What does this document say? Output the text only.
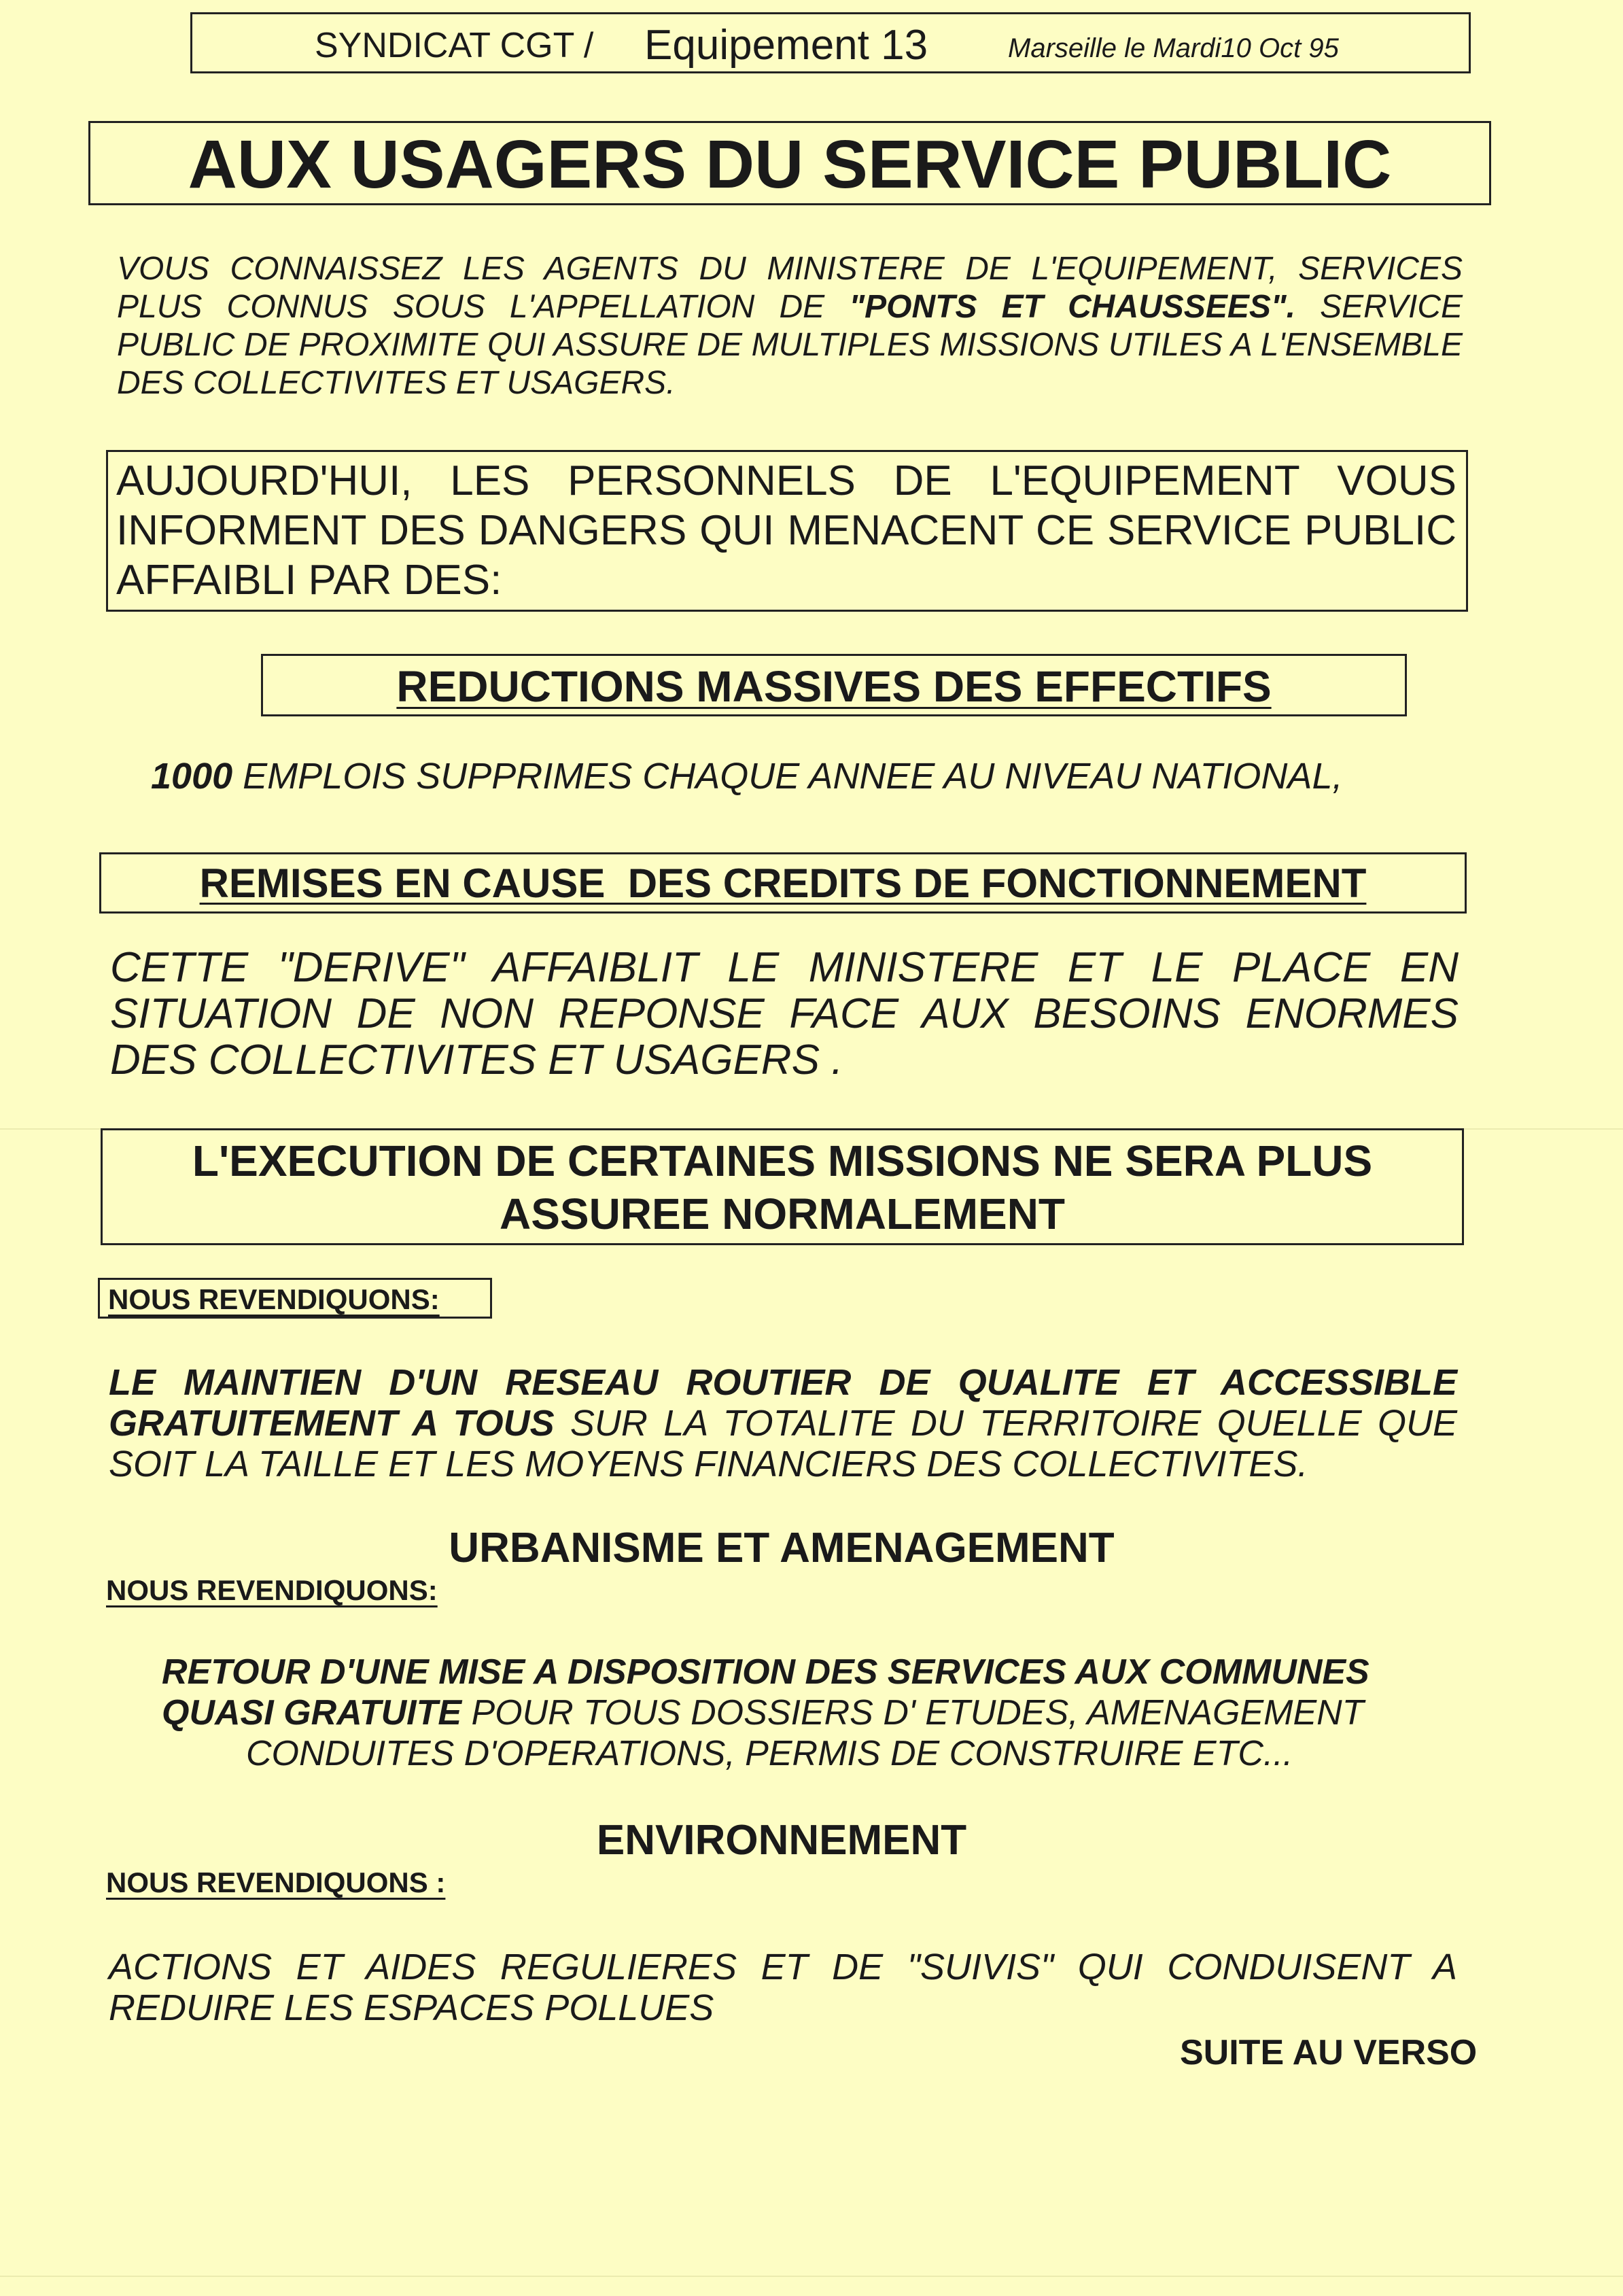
SYNDICAT CGT / Equipement 13	Marseille le Mardi10 Oct 95
AUX USAGERS DU SERVICE PUBLIC
VOUS CONNAISSEZ LES AGENTS DU MINISTERE DE L'EQUIPEMENT, SERVICES PLUS CONNUS SOUS L'APPELLATION DE "PONTS ET CHAUSSEES". SERVICE PUBLIC DE PROXIMITE QUI ASSURE DE MULTIPLES MISSIONS UTILES A L'ENSEMBLE DES COLLECTIVITES ET USAGERS.
AUJOURD'HUI, LES PERSONNELS DE L'EQUIPEMENT VOUS INFORMENT DES DANGERS QUI MENACENT CE SERVICE PUBLIC AFFAIBLI PAR DES:
REDUCTIONS MASSIVES DES EFFECTIFS
1000 EMPLOIS SUPPRIMES CHAQUE ANNEE AU NIVEAU NATIONAL,
REMISES EN CAUSE  DES CREDITS DE FONCTIONNEMENT
CETTE "DERIVE" AFFAIBLIT LE MINISTERE ET LE PLACE EN SITUATION DE NON REPONSE FACE AUX BESOINS ENORMES DES COLLECTIVITES ET USAGERS .
L'EXECUTION DE CERTAINES MISSIONS NE SERA PLUS
ASSUREE NORMALEMENT
NOUS REVENDIQUONS:
LE MAINTIEN D'UN RESEAU ROUTIER DE QUALITE ET ACCESSIBLE GRATUITEMENT A TOUS SUR LA TOTALITE DU TERRITOIRE QUELLE QUE SOIT LA TAILLE ET LES MOYENS FINANCIERS DES COLLECTIVITES.
URBANISME ET AMENAGEMENT
NOUS REVENDIQUONS:
RETOUR D'UNE MISE A DISPOSITION DES SERVICES AUX COMMUNES
QUASI GRATUITE POUR TOUS DOSSIERS D' ETUDES, AMENAGEMENT
CONDUITES D'OPERATIONS, PERMIS DE CONSTRUIRE ETC...
ENVIRONNEMENT
NOUS REVENDIQUONS :
ACTIONS ET AIDES REGULIERES ET DE "SUIVIS" QUI CONDUISENT A REDUIRE LES ESPACES POLLUES
SUITE AU VERSO
